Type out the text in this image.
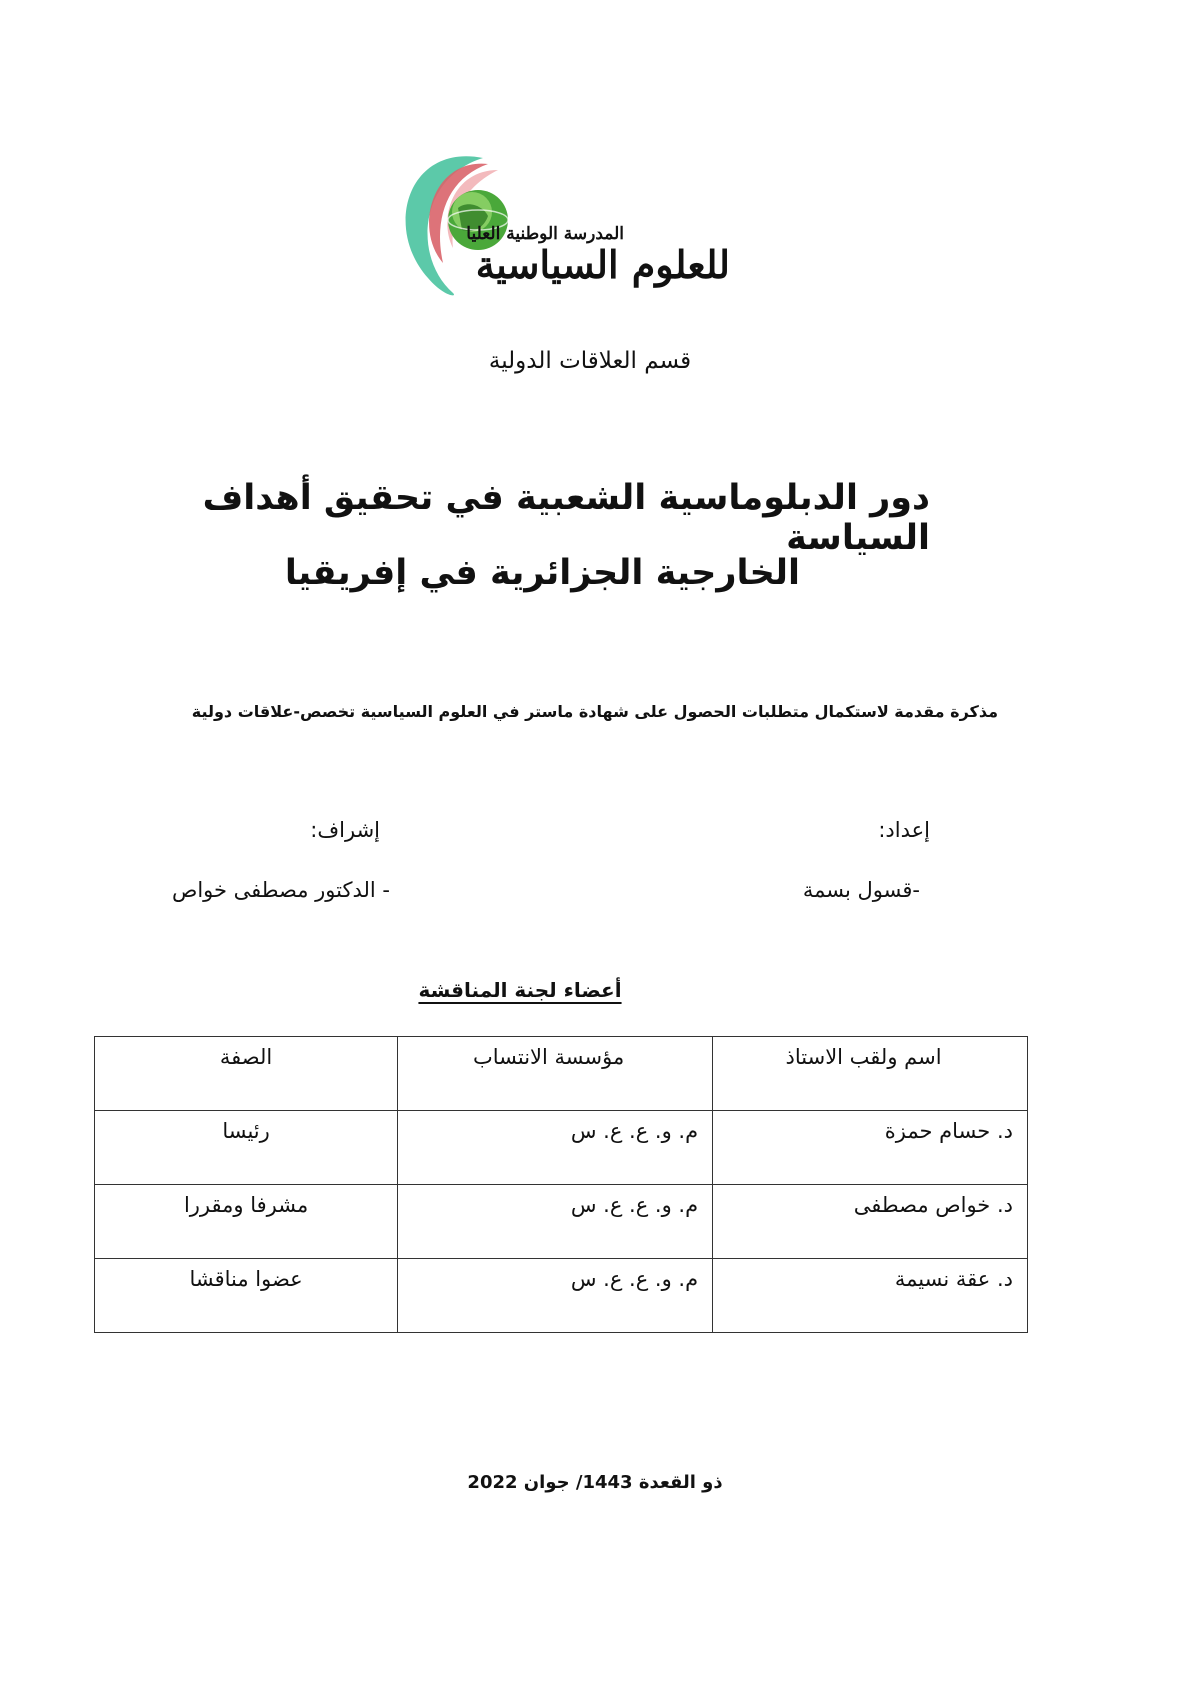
المدرسة الوطنية العليا
للعلوم السياسية
قسم العلاقات الدولية
دور الدبلوماسية الشعبية في تحقيق أهداف السياسة
الخارجية الجزائرية في إفريقيا
مذكرة مقدمة لاستكمال متطلبات الحصول على شهادة ماستر في العلوم السياسية تخصص-علاقات دولية
إعداد:
-قسول بسمة
إشراف:
- الدكتور مصطفى خواص
أعضاء لجنة المناقشة
اسم ولقب الاستاذ	مؤسسة الانتساب	الصفة
د. حسام حمزة	م. و. ع. ع. س	رئيسا
د. خواص مصطفى	م. و. ع. ع. س	مشرفا ومقررا
د. عقة نسيمة	م. و. ع. ع. س	عضوا مناقشا
ذو القعدة 1443/ جوان 2022
